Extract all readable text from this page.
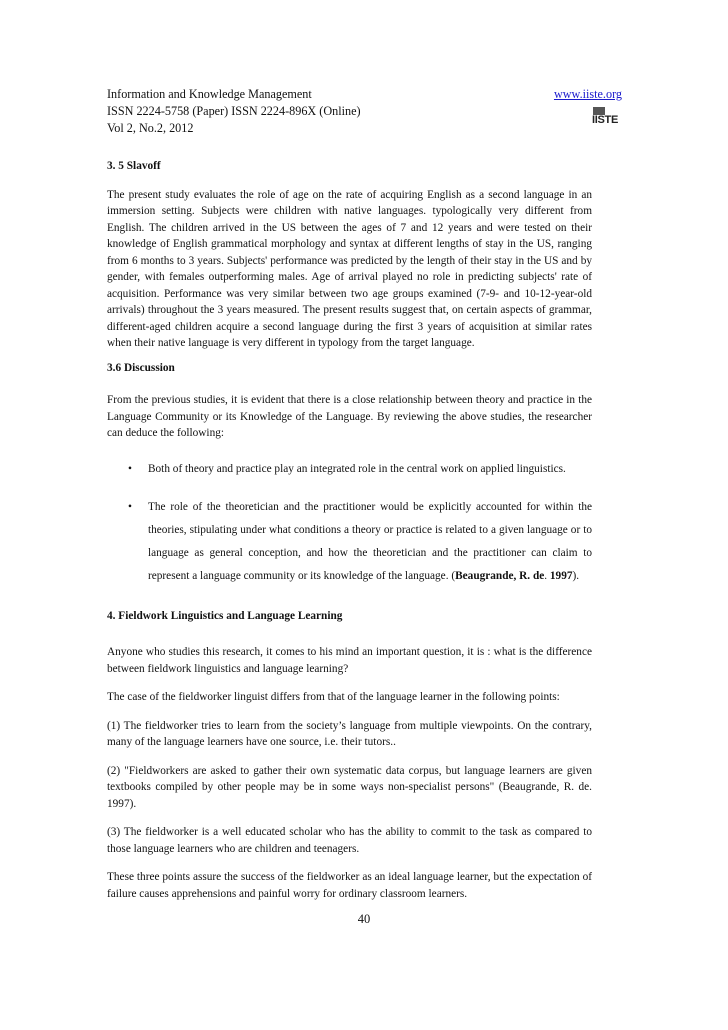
Information and Knowledge Management	www.iiste.org
ISSN 2224-5758 (Paper) ISSN 2224-896X (Online)
Vol 2, No.2, 2012
IISTE
3. 5 Slavoff

The present study evaluates the role of age on the rate of acquiring English as a second language in an immersion setting. Subjects were children with native languages. typologically very different from English. The children arrived in the US between the ages of 7 and 12 years and were tested on their knowledge of English grammatical morphology and syntax at different lengths of stay in the US, ranging from 6 months to 3 years. Subjects' performance was predicted by the length of their stay in the US and by gender, with females outperforming males. Age of arrival played no role in predicting subjects' rate of acquisition. Performance was very similar between two age groups examined (7-9- and 10-12-year-old arrivals) throughout the 3 years measured. The present results suggest that, on certain aspects of grammar, different-aged children acquire a second language during the first 3 years of acquisition at similar rates when their native language is very different in typology from the target language.

3.6 Discussion

From the previous studies, it is evident that there is a close relationship between theory and practice in the Language Community or its Knowledge of the Language. By reviewing the above studies, the researcher can deduce the following:

• Both of theory and practice play an integrated role in the central work on applied linguistics.
• The role of the theoretician and the practitioner would be explicitly accounted for within the theories, stipulating under what conditions a theory or practice is related to a given language or to language as general conception, and how the theoretician and the practitioner can claim to represent a language community or its knowledge of the language. (Beaugrande, R. de. 1997).
4. Fieldwork Linguistics and Language Learning

Anyone who studies this research, it comes to his mind an important question, it is : what is the difference between fieldwork linguistics and language learning?

The case of the fieldworker linguist differs from that of the language learner in the following points:

(1) The fieldworker tries to learn from the society’s language from multiple viewpoints. On the contrary, many of the language learners have one source, i.e. their tutors..

(2) "Fieldworkers are asked to gather their own systematic data corpus, but language learners are given textbooks compiled by other people may be in some ways non-specialist persons" (Beaugrande, R. de. 1997).

(3) The fieldworker is a well educated scholar who has the ability to commit to the task as compared to those language learners who are children and teenagers.

These three points assure the success of the fieldworker as an ideal language learner, but the expectation of failure causes apprehensions and painful worry for ordinary classroom learners.

40
